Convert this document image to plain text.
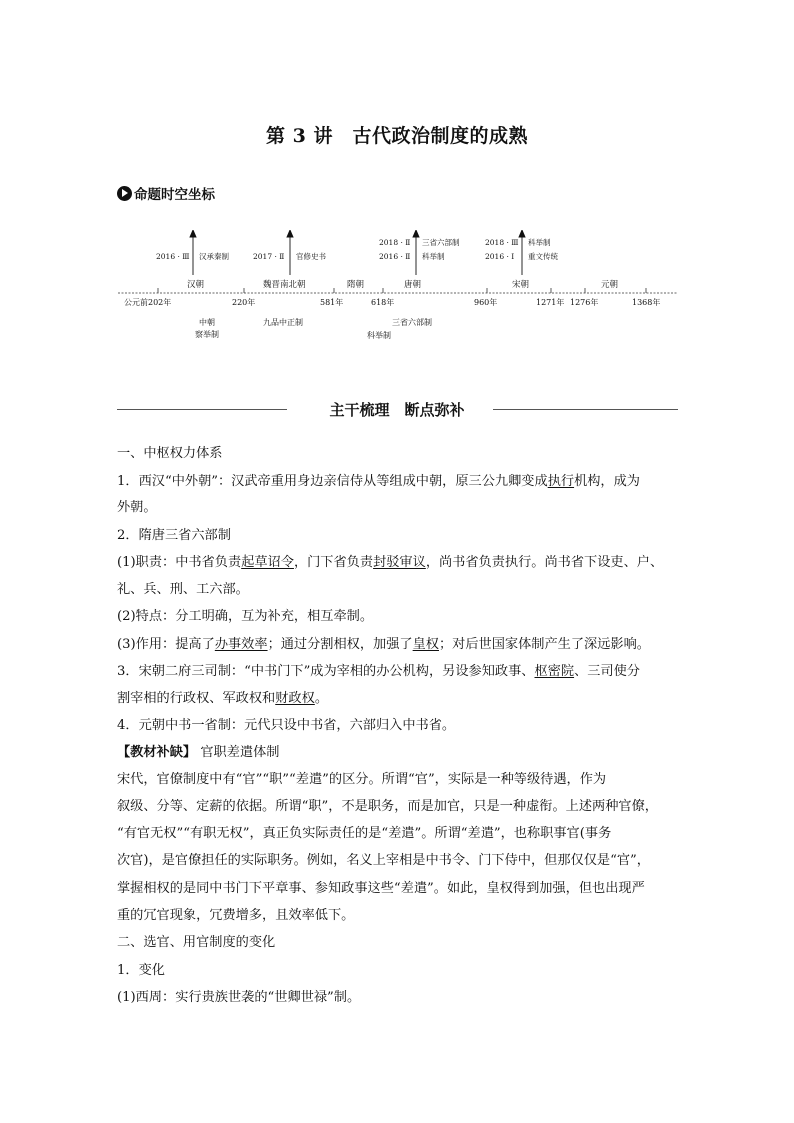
第 3 讲　古代政治制度的成熟
命题时空坐标
2016 · Ⅲ 汉承秦制	2017 · Ⅱ 官修史书
2018 · Ⅱ 三省六部制
2016 · Ⅱ 科举制
2018 · Ⅲ 科举制
2016 · Ⅰ 重文传统
汉朝	魏晋南北朝	隋朝	唐朝	宋朝	元朝
公元前202年	220年	581年	618年	960年	1271年 1276年	1368年
中朝
察举制
九品中正制	三省六部制
科举制
主干梳理　断点弥补
一、中枢权力体系
1．西汉“中外朝”：汉武帝重用身边亲信侍从等组成中朝，原三公九卿变成执行机构，成为
外朝。
2．隋唐三省六部制
(1)职责：中书省负责起草诏令，门下省负责封驳审议，尚书省负责执行。尚书省下设吏、户、
礼、兵、刑、工六部。
(2)特点：分工明确，互为补充，相互牵制。
(3)作用：提高了办事效率；通过分割相权，加强了皇权；对后世国家体制产生了深远影响。
3．宋朝二府三司制：“中书门下”成为宰相的办公机构，另设参知政事、枢密院、三司使分
割宰相的行政权、军政权和财政权。
4．元朝中书一省制：元代只设中书省，六部归入中书省。
【教材补缺】 官职差遣体制
宋代，官僚制度中有“官”“职”“差遣”的区分。所谓“官”，实际是一种等级待遇，作为
叙级、分等、定薪的依据。所谓“职”，不是职务，而是加官，只是一种虚衔。上述两种官僚，
“有官无权”“有职无权”，真正负实际责任的是“差遣”。所谓“差遣”，也称职事官(事务
次官)，是官僚担任的实际职务。例如，名义上宰相是中书令、门下侍中，但那仅仅是“官”，
掌握相权的是同中书门下平章事、参知政事这些“差遣”。如此，皇权得到加强，但也出现严
重的冗官现象，冗费增多，且效率低下。
二、选官、用官制度的变化
1．变化
(1)西周：实行贵族世袭的“世卿世禄”制。
